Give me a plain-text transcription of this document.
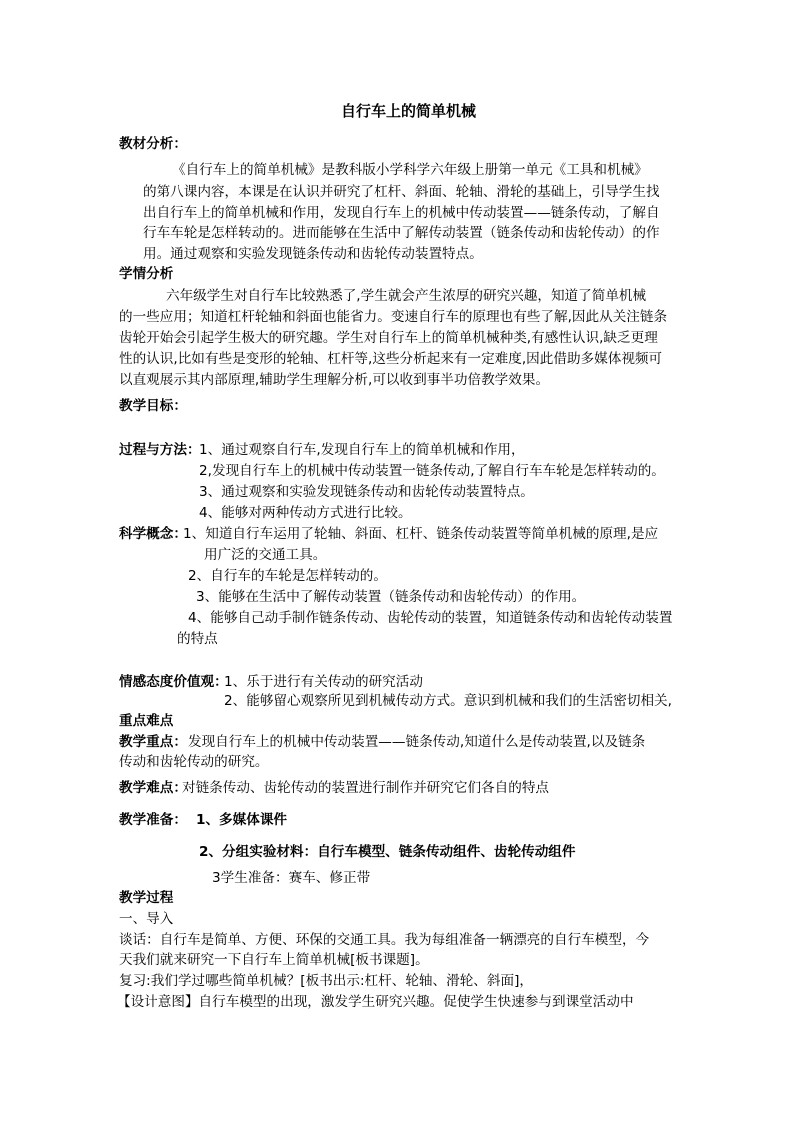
自行车上的简单机械
教材分析：
《自行车上的简单机械》是教科版小学科学六年级上册第一单元《工具和机械》
的第八课内容，本课是在认识并研究了杠杆、斜面、轮轴、滑轮的基础上，引导学生找
出自行车上的简单机械和作用，发现自行车上的机械中传动装置——链条传动，了解自
行车车轮是怎样转动的。进而能够在生活中了解传动装置（链条传动和齿轮传动）的作
用。通过观察和实验发现链条传动和齿轮传动装置特点。
学情分析
六年级学生对自行车比较熟悉了,学生就会产生浓厚的研究兴趣，知道了简单机械
的一些应用；知道杠杆轮轴和斜面也能省力。变速自行车的原理也有些了解,因此从关注链条
齿轮开始会引起学生极大的研究趣。学生对自行车上的简单机械种类,有感性认识,缺乏更理
性的认识,比如有些是变形的轮轴、杠杆等,这些分析起来有一定难度,因此借助多媒体视频可
以直观展示其内部原理,辅助学生理解分析,可以收到事半功倍教学效果。
教学目标：
过程与方法：
1、通过观察自行车,发现自行车上的简单机械和作用，
2,发现自行车上的机械中传动装置一链条传动,了解自行车车轮是怎样转动的。
3、通过观察和实验发现链条传动和齿轮传动装置特点。
4、能够对两种传动方式进行比较。
科学概念：
1、知道自行车运用了轮轴、斜面、杠杆、链条传动装置等简单机械的原理,是应
用广泛的交通工具。
2、自行车的车轮是怎样转动的。
3、能够在生活中了解传动装置（链条传动和齿轮传动）的作用。
4、能够自己动手制作链条传动、齿轮传动的装置，知道链条传动和齿轮传动装置
的特点
情感态度价值观：
1、乐于进行有关传动的研究活动
2、能够留心观察所见到机械传动方式。意识到机械和我们的生活密切相关,
重点难点
教学重点： 发现自行车上的机械中传动装置——链条传动,知道什么是传动装置,以及链条
传动和齿轮传动的研究。
教学难点：
对链条传动、齿轮传动的装置进行制作并研究它们各自的特点
教学准备： 1、多媒体课件
2、分组实验材料：自行车模型、链条传动组件、齿轮传动组件
3学生准备：赛车、修正带
教学过程
一、导入
谈话：自行车是简单、方便、环保的交通工具。我为每组准备一辆漂亮的自行车模型，今
天我们就来研究一下自行车上简单机械[板书课题]。
复习:我们学过哪些简单机械？[板书出示:杠杆、轮轴、滑轮、斜面]，
【设计意图】自行车模型的出现，激发学生研究兴趣。促使学生快速参与到课堂活动中
